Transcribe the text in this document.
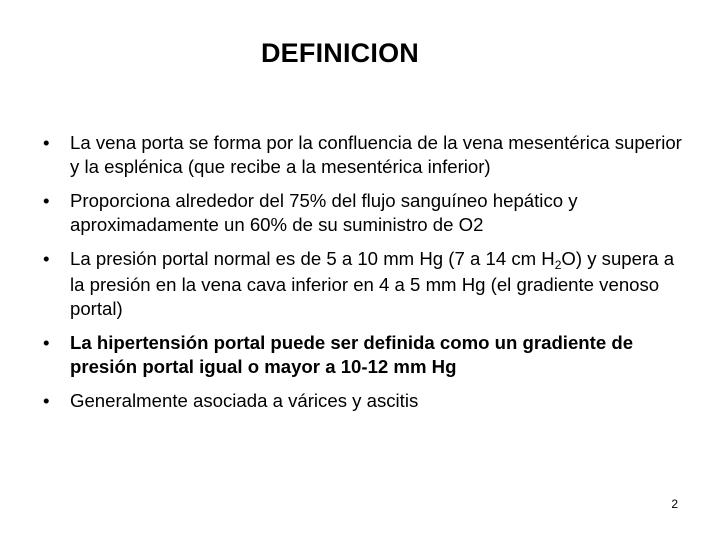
DEFINICION
• La vena porta se forma por la confluencia de la vena mesentérica superior y la esplénica (que recibe a la mesentérica inferior)
• Proporciona alrededor del 75% del flujo sanguíneo hepático y aproximadamente un 60% de su suministro de O2
• La presión portal normal es de 5 a 10 mm Hg (7 a 14 cm $H_2O$) y supera a la presión en la vena cava inferior en 4 a 5 mm Hg (el gradiente venoso portal)
• La hipertensión portal puede ser definida como un gradiente de presión portal igual o mayor a 10-12 mm Hg
• Generalmente asociada a várices y ascitis
2
